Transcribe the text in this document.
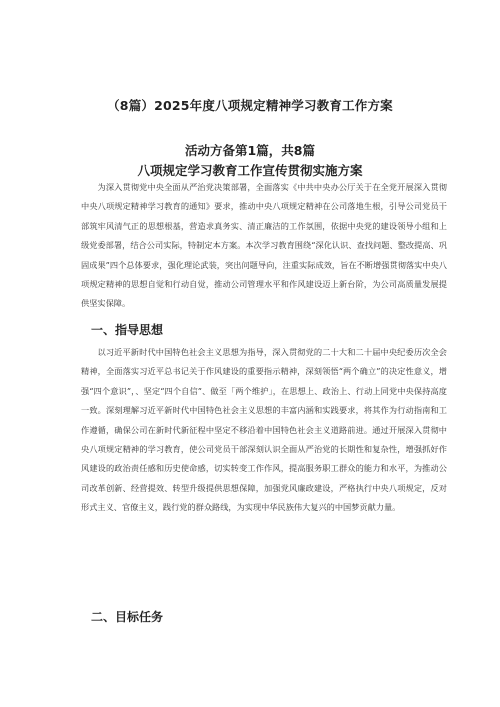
（8篇）2025年度八项规定精神学习教育工作方案
活动方备第1篇，共8篇
八项规定学习教育工作宣传贯彻实施方案

为深入贯彻党中央全面从严治党决策部署，全面落实《中共中央办公厅关于在全党开展深入贯彻中央八项规定精神学习教育的通知》要求，推动中央八项规定精神在公司落地生根，引导公司党员干部筑牢风清气正的思想根基，营造求真务实、清正廉洁的工作氛围，依据中央党的建设领导小组和上级党委部署，结合公司实际，特制定本方案。本次学习教育围绕“深化认识、查找问题、整改提高、巩固成果”四个总体要求，强化理论武装，突出问题导向，注重实际成效，旨在不断增强贯彻落实中央八项规定精神的思想自觉和行动自觉，推动公司管理水平和作风建设迈上新台阶，为公司高质量发展提供坚实保障。

一、指导思想

以习近平新时代中国特色社会主义思想为指导，深入贯彻党的二十大和二十届中央纪委历次全会精神，全面落实习近平总书记关于作风建设的重要指示精神，深刻领悟“两个确立”的决定性意义，增强“四个意识”，、坚定“四个自信”、做至「两个维护」，在思想上、政治上、行动上同党中央保持高度一致。深刻理解习近平新时代中国特色社会主义思想的丰富内涵和实践要求，将其作为行动指南和工作遵循，确保公司在新时代新征程中坚定不移沿着中国特色社会主义道路前进。通过开展深入贯彻中央八项规定精神的学习教育，使公司党员干部深刻认识全面从严治党的长期性和复杂性，增强抓好作风建设的政治责任感和历史使命感，切实转变工作作风，提高服务职工群众的能力和水平，为推动公司改革创新、经营提效、转型升级提供思想保障，加强党风廉政建设，严格执行中央八项规定，反对形式主义、官僚主义，践行党的群众路线，为实现中华民族伟大复兴的中国梦贡献力量。

二、目标任务
